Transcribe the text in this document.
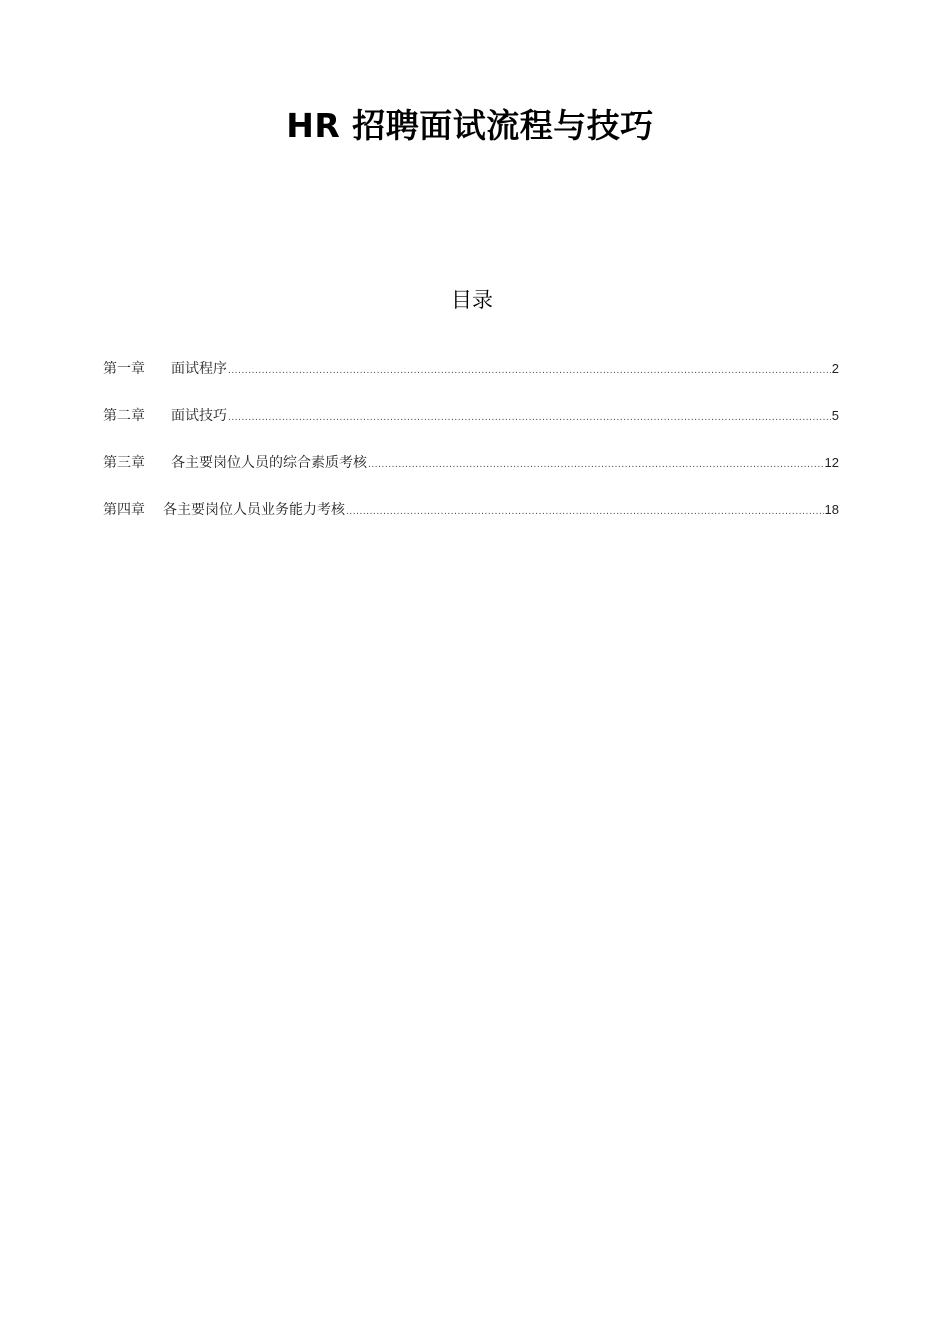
HR 招聘面试流程与技巧
目录
第一章 面试程序 .....	2
第二章 面试技巧 .....	5
第三章 各主要岗位人员的综合素质考核 .....	12
第四章 各主要岗位人员业务能力考核 .....	18
